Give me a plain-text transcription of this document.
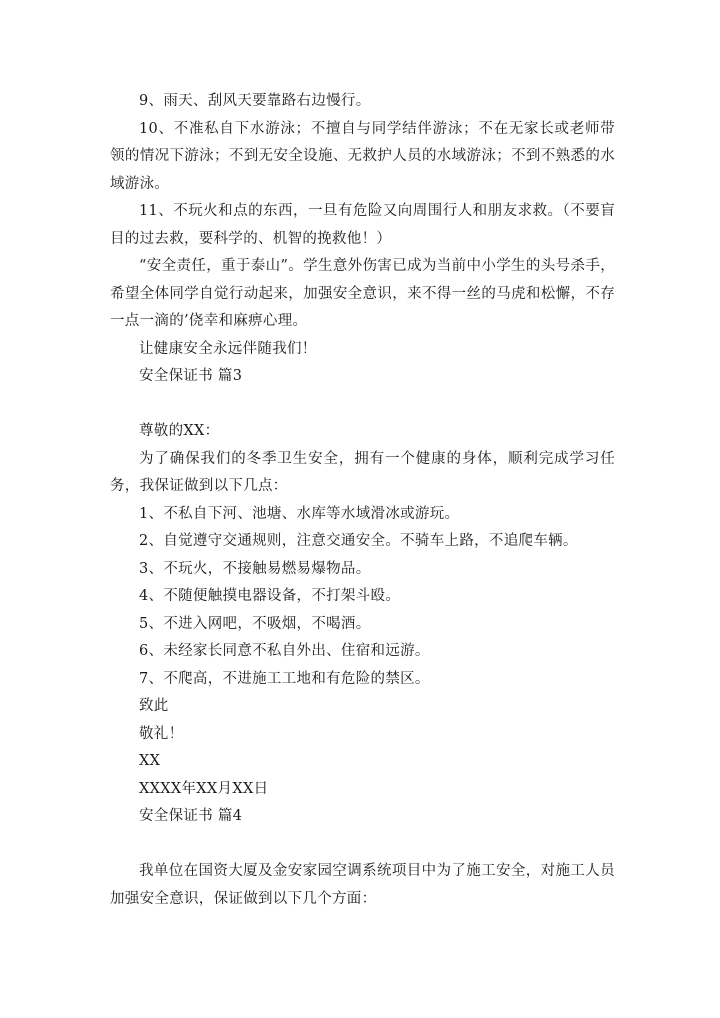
9、雨天、刮风天要靠路右边慢行。

10、不准私自下水游泳；不擅自与同学结伴游泳；不在无家长或老师带领的情况下游泳；不到无安全设施、无救护人员的水域游泳；不到不熟悉的水域游泳。

11、不玩火和点的东西，一旦有危险又向周围行人和朋友求救。（不要盲目的过去救，要科学的、机智的挽救他！）

“安全责任，重于泰山”。学生意外伤害已成为当前中小学生的头号杀手，希望全体同学自觉行动起来，加强安全意识，来不得一丝的马虎和松懈，不存一点一滴的’侥幸和麻痹心理。

让健康安全永远伴随我们！

安全保证书 篇3

尊敬的XX：

为了确保我们的冬季卫生安全，拥有一个健康的身体，顺利完成学习任务，我保证做到以下几点：

1、不私自下河、池塘、水库等水域滑冰或游玩。

2、自觉遵守交通规则，注意交通安全。不骑车上路，不追爬车辆。

3、不玩火，不接触易燃易爆物品。

4、不随便触摸电器设备，不打架斗殴。

5、不进入网吧，不吸烟，不喝酒。

6、未经家长同意不私自外出、住宿和远游。

7、不爬高，不进施工工地和有危险的禁区。

致此

敬礼！

XX

XXXX年XX月XX日

安全保证书 篇4

我单位在国资大厦及金安家园空调系统项目中为了施工安全，对施工人员加强安全意识，保证做到以下几个方面：
